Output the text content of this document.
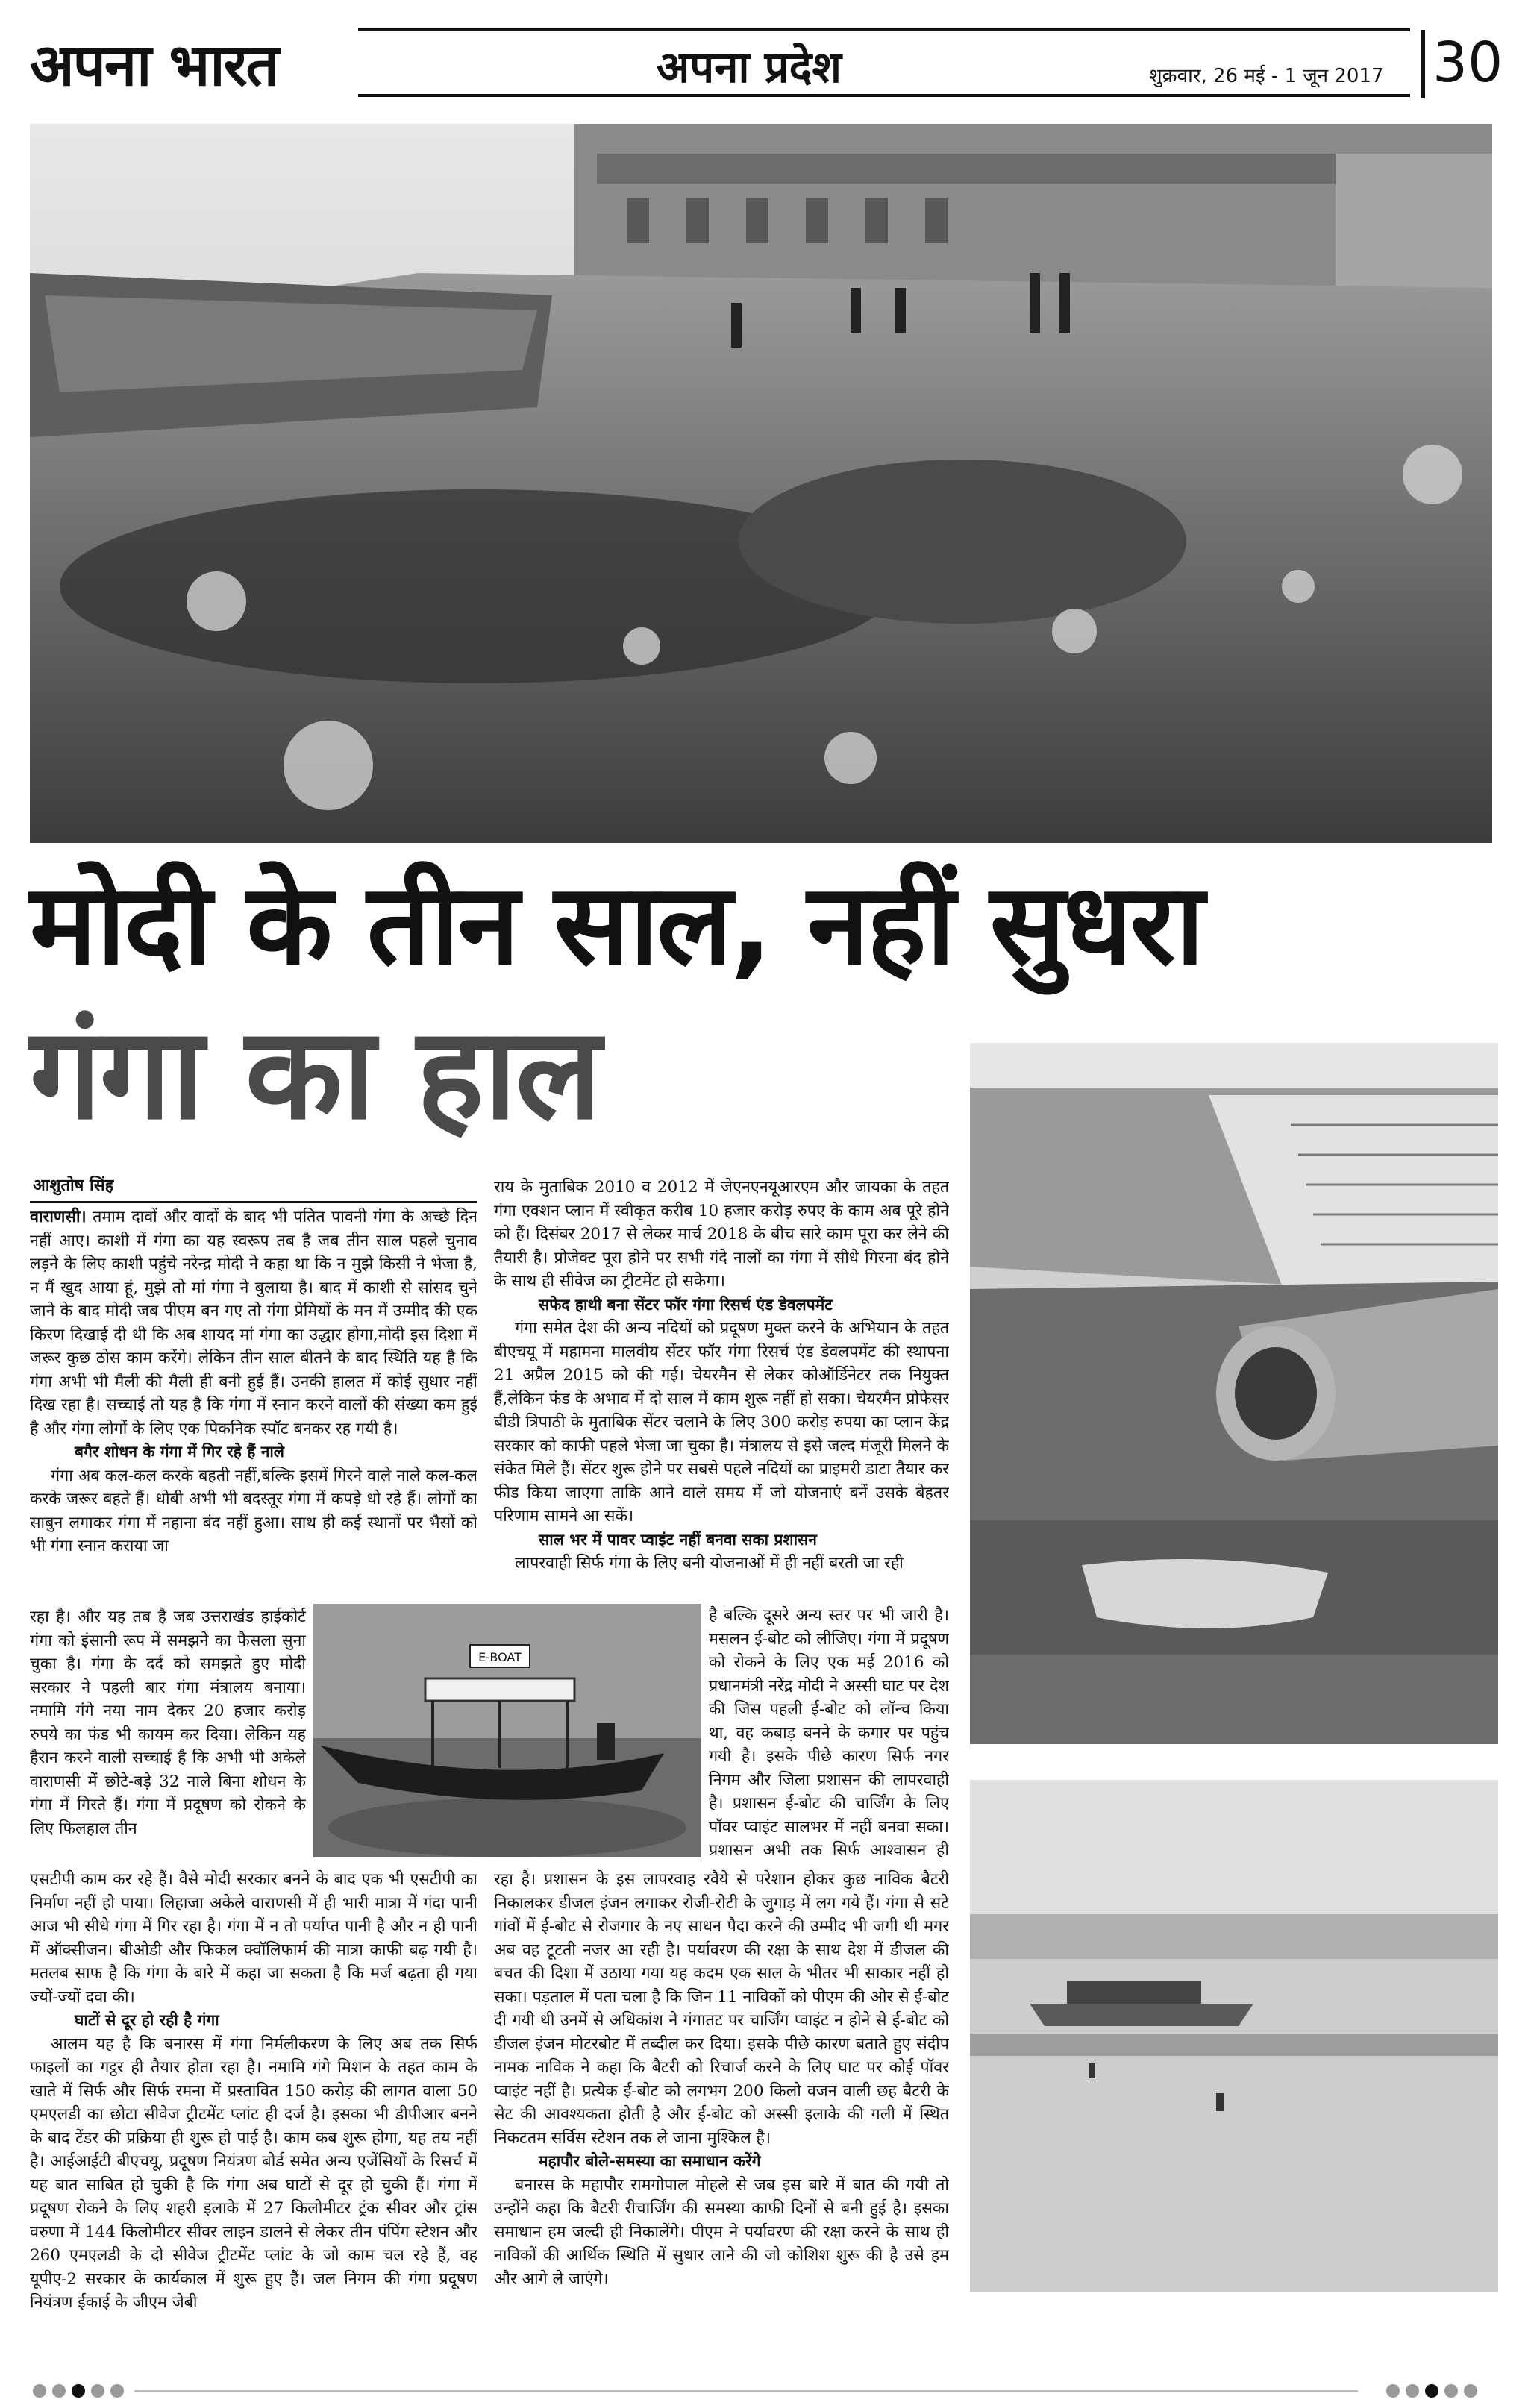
अपना भारत	अपना प्रदेश	शुक्रवार, 26 मई - 1 जून 2017 30
मोदी के तीन साल, नहीं सुधरा
गंगा का हाल
आशुतोष सिंह

वाराणसी। तमाम दावों और वादों के बाद भी पतित पावनी गंगा के अच्छे दिन नहीं आए। काशी में गंगा का यह स्वरूप तब है जब तीन साल पहले चुनाव लड़ने के लिए काशी पहुंचे नरेन्द्र मोदी ने कहा था कि न मुझे किसी ने भेजा है, न मैं खुद आया हूं, मुझे तो मां गंगा ने बुलाया है। बाद में काशी से सांसद चुने जाने के बाद मोदी जब पीएम बन गए तो गंगा प्रेमियों के मन में उम्मीद की एक किरण दिखाई दी थी कि अब शायद मां गंगा का उद्धार होगा,मोदी इस दिशा में जरूर कुछ ठोस काम करेंगे। लेकिन तीन साल बीतने के बाद स्थिति यह है कि गंगा अभी भी मैली की मैली ही बनी हुई हैं। उनकी हालत में कोई सुधार नहीं दिख रहा है। सच्चाई तो यह है कि गंगा में स्नान करने वालों की संख्या कम हुई है और गंगा लोगों के लिए एक पिकनिक स्पॉट बनकर रह गयी है।

बगैर शोधन के गंगा में गिर रहे हैं नाले

गंगा अब कल-कल करके बहती नहीं,बल्कि इसमें गिरने वाले नाले कल-कल करके जरूर बहते हैं। धोबी अभी भी बदस्तूर गंगा में कपड़े धो रहे हैं। लोगों का साबुन लगाकर गंगा में नहाना बंद नहीं हुआ। साथ ही कई स्थानों पर भैसों को भी गंगा स्नान कराया जा

E-BOAT

रहा है। और यह तब है जब उत्तराखंड हाईकोर्ट गंगा को इंसानी रूप में समझने का फैसला सुना चुका है। गंगा के दर्द को समझते हुए मोदी सरकार ने पहली बार गंगा मंत्रालय बनाया। नमामि गंगे नया नाम देकर 20 हजार करोड़ रुपये का फंड भी कायम कर दिया। लेकिन यह हैरान करने वाली सच्चाई है कि अभी भी अकेले वाराणसी में छोटे-बड़े 32 नाले बिना शोधन के गंगा में गिरते हैं। गंगा में प्रदूषण को रोकने के लिए फिलहाल तीन

एसटीपी काम कर रहे हैं। वैसे मोदी सरकार बनने के बाद एक भी एसटीपी का निर्माण नहीं हो पाया। लिहाजा अकेले वाराणसी में ही भारी मात्रा में गंदा पानी आज भी सीधे गंगा में गिर रहा है। गंगा में न तो पर्याप्त पानी है और न ही पानी में ऑक्सीजन। बीओडी और फिकल क्वॉलिफार्म की मात्रा काफी बढ़ गयी है। मतलब साफ है कि गंगा के बारे में कहा जा सकता है कि मर्ज बढ़ता ही गया ज्यों-ज्यों दवा की।

घाटों से दूर हो रही है गंगा

आलम यह है कि बनारस में गंगा निर्मलीकरण के लिए अब तक सिर्फ फाइलों का गट्ठर ही तैयार होता रहा है। नमामि गंगे मिशन के तहत काम के खाते में सिर्फ और सिर्फ रमना में प्रस्तावित 150 करोड़ की लागत वाला 50 एमएलडी का छोटा सीवेज ट्रीटमेंट प्लांट ही दर्ज है। इसका भी डीपीआर बनने के बाद टेंडर की प्रक्रिया ही शुरू हो पाई है। काम कब शुरू होगा, यह तय नहीं है। आईआईटी बीएचयू, प्रदूषण नियंत्रण बोर्ड समेत अन्य एजेंसियों के रिसर्च में यह बात साबित हो चुकी है कि गंगा अब घाटों से दूर हो चुकी हैं। गंगा में प्रदूषण रोकने के लिए शहरी इलाके में 27 किलोमीटर ट्रंक सीवर और ट्रांस वरुणा में 144 किलोमीटर सीवर लाइन डालने से लेकर तीन पंपिंग स्टेशन और 260 एमएलडी के दो सीवेज ट्रीटमेंट प्लांट के जो काम चल रहे हैं, वह यूपीए-2 सरकार के कार्यकाल में शुरू हुए हैं। जल निगम की गंगा प्रदूषण नियंत्रण ईकाई के जीएम जेबी

राय के मुताबिक 2010 व 2012 में जेएनएनयूआरएम और जायका के तहत गंगा एक्शन प्लान में स्वीकृत करीब 10 हजार करोड़ रुपए के काम अब पूरे होने को हैं। दिसंबर 2017 से लेकर मार्च 2018 के बीच सारे काम पूरा कर लेने की तैयारी है। प्रोजेक्ट पूरा होने पर सभी गंदे नालों का गंगा में सीधे गिरना बंद होने के साथ ही सीवेज का ट्रीटमेंट हो सकेगा।

सफेद हाथी बना सेंटर फॉर गंगा रिसर्च एंड डेवलपमेंट

गंगा समेत देश की अन्य नदियों को प्रदूषण मुक्त करने के अभियान के तहत बीएचयू में महामना मालवीय सेंटर फॉर गंगा रिसर्च एंड डेवलपमेंट की स्थापना 21 अप्रैल 2015 को की गई। चेयरमैन से लेकर कोऑर्डिनेटर तक नियुक्त हैं,लेकिन फंड के अभाव में दो साल में काम शुरू नहीं हो सका। चेयरमैन प्रोफेसर बीडी त्रिपाठी के मुताबिक सेंटर चलाने के लिए 300 करोड़ रुपया का प्लान केंद्र सरकार को काफी पहले भेजा जा चुका है। मंत्रालय से इसे जल्द मंजूरी मिलने के संकेत मिले हैं। सेंटर शुरू होने पर सबसे पहले नदियों का प्राइमरी डाटा तैयार कर फीड किया जाएगा ताकि आने वाले समय में जो योजनाएं बनें उसके बेहतर परिणाम सामने आ सकें।

साल भर में पावर प्वाइंट नहीं बनवा सका प्रशासन

लापरवाही सिर्फ गंगा के लिए बनी योजनाओं में ही नहीं बरती जा रही

है बल्कि दूसरे अन्य स्तर पर भी जारी है। मसलन ई-बोट को लीजिए। गंगा में प्रदूषण को रोकने के लिए एक मई 2016 को प्रधानमंत्री नरेंद्र मोदी ने अस्सी घाट पर देश की जिस पहली ई-बोट को लॉन्च किया था, वह कबाड़ बनने के कगार पर पहुंच गयी है। इसके पीछे कारण सिर्फ नगर निगम और जिला प्रशासन की लापरवाही है। प्रशासन ई-बोट की चार्जिंग के लिए पॉवर प्वाइंट सालभर में नहीं बनवा सका। प्रशासन अभी तक सिर्फ आश्वासन ही

रहा है। प्रशासन के इस लापरवाह रवैये से परेशान होकर कुछ नाविक बैटरी निकालकर डीजल इंजन लगाकर रोजी-रोटी के जुगाड़ में लग गये हैं। गंगा से सटे गांवों में ई-बोट से रोजगार के नए साधन पैदा करने की उम्मीद भी जगी थी मगर अब वह टूटती नजर आ रही है। पर्यावरण की रक्षा के साथ देश में डीजल की बचत की दिशा में उठाया गया यह कदम एक साल के भीतर भी साकार नहीं हो सका। पड़ताल में पता चला है कि जिन 11 नाविकों को पीएम की ओर से ई-बोट दी गयी थी उनमें से अधिकांश ने गंगातट पर चार्जिंग प्वाइंट न होने से ई-बोट को डीजल इंजन मोटरबोट में तब्दील कर दिया। इसके पीछे कारण बताते हुए संदीप नामक नाविक ने कहा कि बैटरी को रिचार्ज करने के लिए घाट पर कोई पॉवर प्वाइंट नहीं है। प्रत्येक ई-बोट को लगभग 200 किलो वजन वाली छह बैटरी के सेट की आवश्यकता होती है और ई-बोट को अस्सी इलाके की गली में स्थित निकटतम सर्विस स्टेशन तक ले जाना मुश्किल है।

महापौर बोले-समस्या का समाधान करेंगे

बनारस के महापौर रामगोपाल मोहले से जब इस बारे में बात की गयी तो उन्होंने कहा कि बैटरी रीचार्जिंग की समस्या काफी दिनों से बनी हुई है। इसका समाधान हम जल्दी ही निकालेंगे। पीएम ने पर्यावरण की रक्षा करने के साथ ही नाविकों की आर्थिक स्थिति में सुधार लाने की जो कोशिश शुरू की है उसे हम और आगे ले जाएंगे।
